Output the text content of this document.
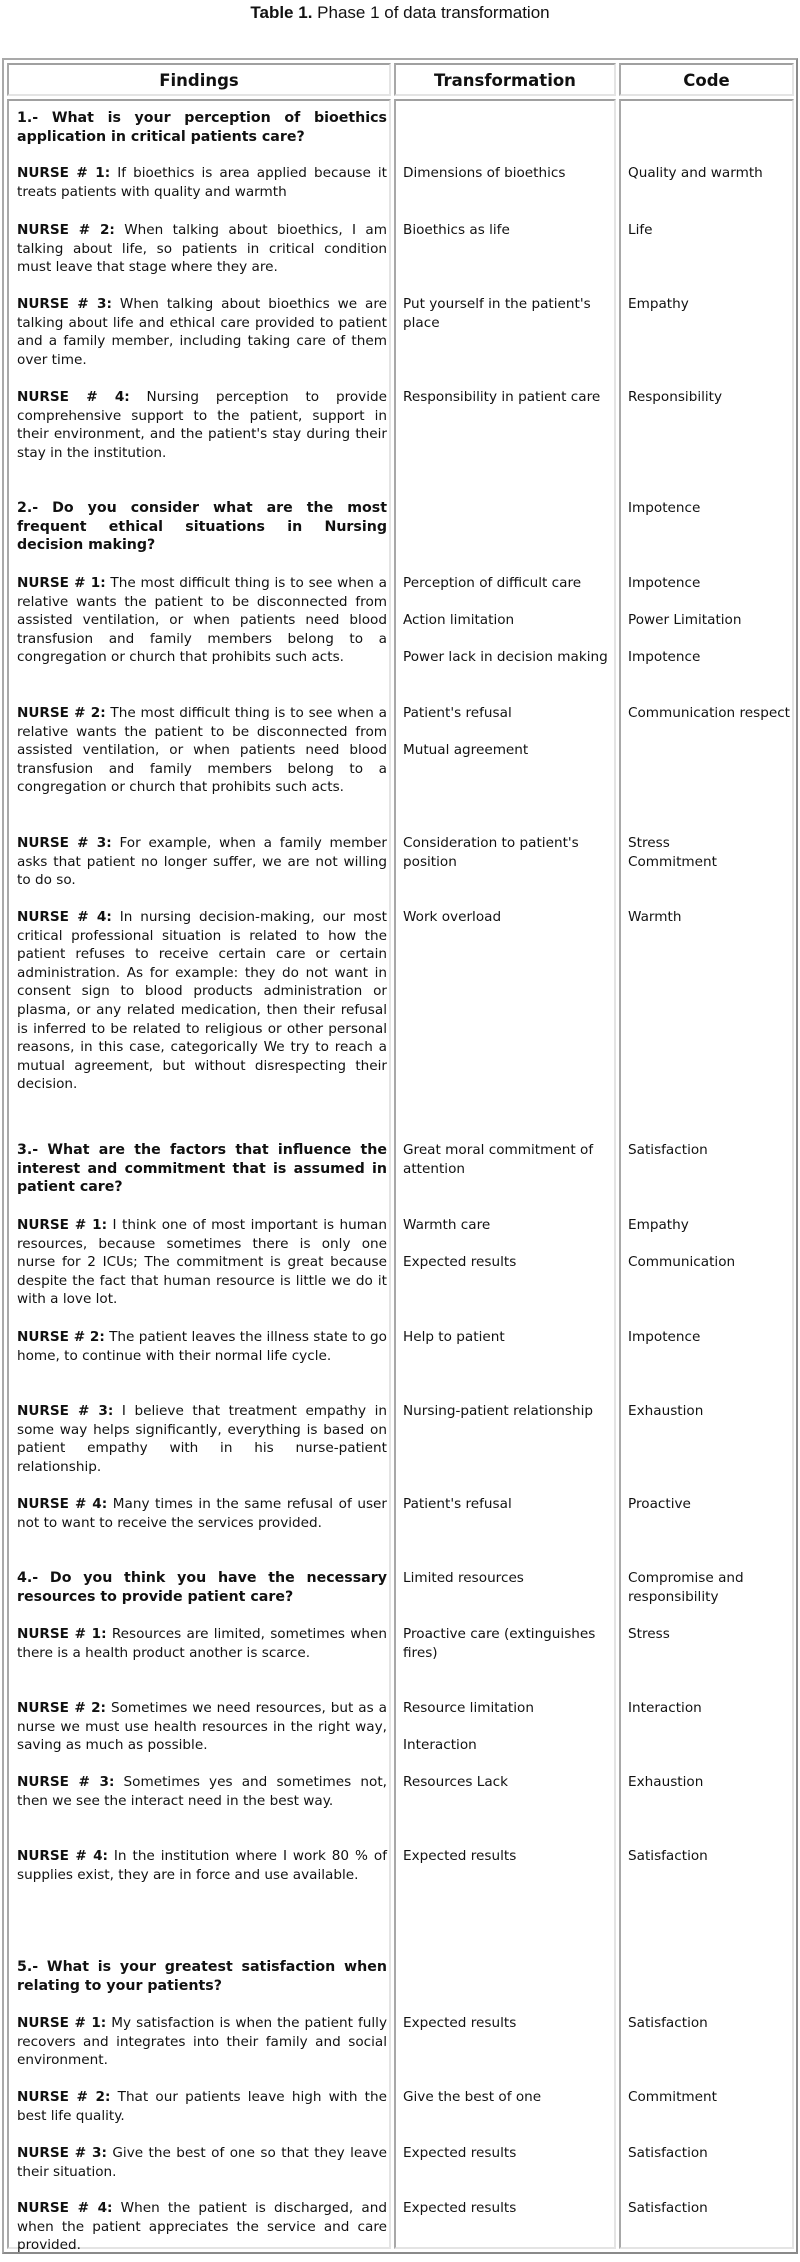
Table 1. Phase 1 of data transformation
Findings	Transformation	Code
1.- What is your perception of bioethics application in critical patients care?
NURSE # 1: If bioethics is area applied because it treats patients with quality and warmth
NURSE # 2: When talking about bioethics, I am talking about life, so patients in critical condition must leave that stage where they are.
NURSE # 3: When talking about bioethics we are talking about life and ethical care provided to patient and a family member, including taking care of them over time.
NURSE # 4: Nursing perception to provide comprehensive support to the patient, support in their environment, and the patient's stay during their stay in the institution.
2.- Do you consider what are the most frequent ethical situations in Nursing decision making?
NURSE # 1: The most difficult thing is to see when a relative wants the patient to be disconnected from assisted ventilation, or when patients need blood transfusion and family members belong to a congregation or church that prohibits such acts.
NURSE # 2: The most difficult thing is to see when a relative wants the patient to be disconnected from assisted ventilation, or when patients need blood transfusion and family members belong to a congregation or church that prohibits such acts.
NURSE # 3: For example, when a family member asks that patient no longer suffer, we are not willing to do so.
NURSE # 4: In nursing decision-making, our most critical professional situation is related to how the patient refuses to receive certain care or certain administration. As for example: they do not want in consent sign to blood products administration or plasma, or any related medication, then their refusal is inferred to be related to religious or other personal reasons, in this case, categorically We try to reach a mutual agreement, but without disrespecting their decision.
3.- What are the factors that influence the interest and commitment that is assumed in patient care?
NURSE # 1: I think one of most important is human resources, because sometimes there is only one nurse for 2 ICUs; The commitment is great because despite the fact that human resource is little we do it with a love lot.
NURSE # 2: The patient leaves the illness state to go home, to continue with their normal life cycle.
NURSE # 3: I believe that treatment empathy in some way helps significantly, everything is based on patient empathy with in his nurse-patient relationship.
NURSE # 4: Many times in the same refusal of user not to want to receive the services provided.
4.- Do you think you have the necessary resources to provide patient care?
NURSE # 1: Resources are limited, sometimes when there is a health product another is scarce.
NURSE # 2: Sometimes we need resources, but as a nurse we must use health resources in the right way, saving as much as possible.
NURSE # 3: Sometimes yes and sometimes not, then we see the interact need in the best way.
NURSE # 4: In the institution where I work 80 % of supplies exist, they are in force and use available.
5.- What is your greatest satisfaction when relating to your patients?
NURSE # 1: My satisfaction is when the patient fully recovers and integrates into their family and social environment.
NURSE # 2: That our patients leave high with the best life quality.
NURSE # 3: Give the best of one so that they leave their situation.
NURSE # 4: When the patient is discharged, and when the patient appreciates the service and care provided.
Dimensions of bioethics
Bioethics as life
Put yourself in the patient's place
Responsibility in patient care
Perception of difficult care
Action limitation
Power lack in decision making
Patient's refusal
Mutual agreement
Consideration to patient's position
Work overload
Great moral commitment of attention
Warmth care
Expected results
Help to patient
Nursing-patient relationship
Patient's refusal
Limited resources
Proactive care (extinguishes fires)
Resource limitation
Interaction
Resources Lack
Expected results
Expected results
Give the best of one
Expected results
Expected results
Quality and warmth
Life
Empathy
Responsibility
Impotence
Impotence
Power Limitation
Impotence
Communication respect
Stress
Commitment
Warmth
Satisfaction
Empathy
Communication
Impotence
Exhaustion
Proactive
Compromise and responsibility
Stress
Interaction
Exhaustion
Satisfaction
Satisfaction
Commitment
Satisfaction
Satisfaction
